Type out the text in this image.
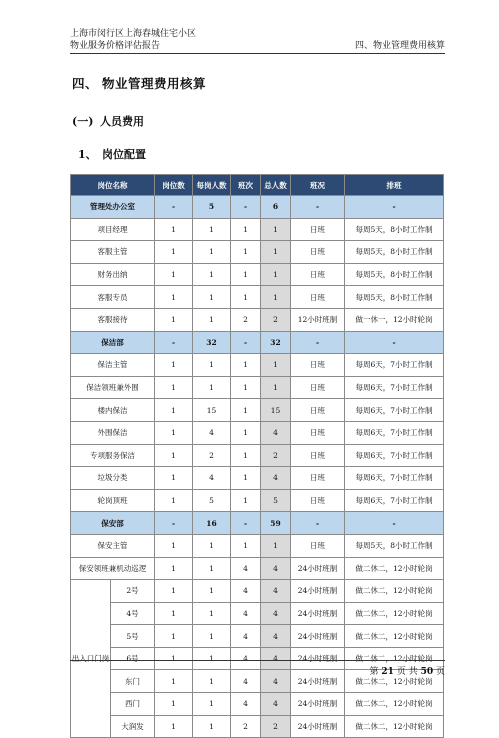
上海市闵行区上海春城住宅小区
物业服务价格评估报告	四、物业管理费用核算
四、 物业管理费用核算
(一) 人员费用
1、 岗位配置
岗位名称		岗位数	每岗人数	班次	总人数	班况	排班
管理处办公室		-	5	-	6	-	-
项目经理		1	1	1	1	日班	每周5天，8小时工作制
客服主管		1	1	1	1	日班	每周5天，8小时工作制
财务出纳		1	1	1	1	日班	每周5天，8小时工作制
客服专员		1	1	1	1	日班	每周5天，8小时工作制
客服接待		1	1	2	2	12小时班制	做一休一，12小时轮岗
保洁部		-	32	-	32	-	-
保洁主管		1	1	1	1	日班	每周6天，7小时工作制
保洁领班兼外围		1	1	1	1	日班	每周6天，7小时工作制
楼内保洁		1	15	1	15	日班	每周6天，7小时工作制
外围保洁		1	4	1	4	日班	每周6天，7小时工作制
专项服务保洁		1	2	1	2	日班	每周6天，7小时工作制
垃圾分类		1	4	1	4	日班	每周6天，7小时工作制
轮岗顶班		1	5	1	5	日班	每周6天，7小时工作制
保安部		-	16	-	59	-	-
保安主管		1	1	1	1	日班	每周5天，8小时工作制
保安领班兼机动巡逻		1	1	4	4	24小时班制	做二休二，12小时轮岗
出入口门岗	2号	1	1	4	4	24小时班制	做二休二，12小时轮岗
	4号	1	1	4	4	24小时班制	做二休二，12小时轮岗
	5号	1	1	4	4	24小时班制	做二休二，12小时轮岗
	6号	1	1	4	4	24小时班制	做二休二，12小时轮岗
	东门	1	1	4	4	24小时班制	做二休二，12小时轮岗
	西门	1	1	4	4	24小时班制	做二休二，12小时轮岗
	大润发	1	1	2	2	24小时班制	做二休二，12小时轮岗
第 21 页 共 50 页
